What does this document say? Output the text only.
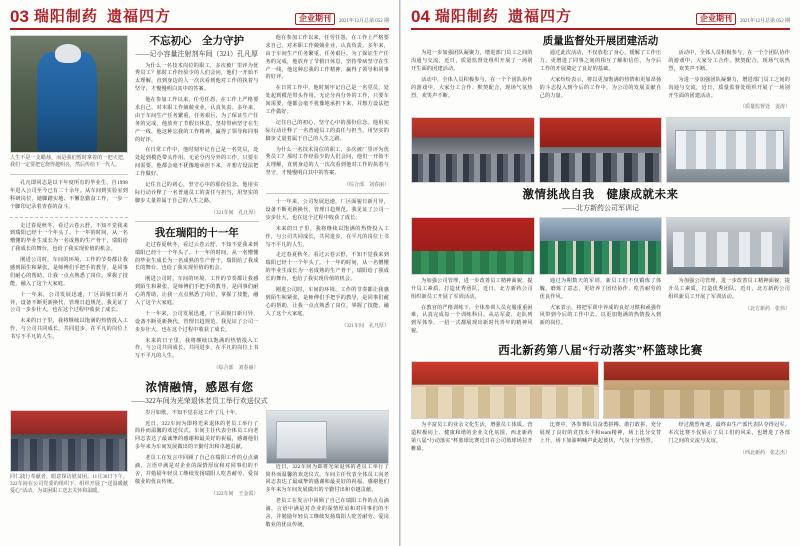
03 瑞阳制药 遗福四方	企业期刊	2021年12月总第 052 期

人生不是一支蜡烛，而是我们暂时拿着的一把火把，我们一定要把它烧得越明亮，然后传给下一代人。

孔凡即同志是以下年度所有的毕业生，自1998年进入公司至今已有二十余年。从车间到实验室到科研岗位，她脚踏实地、不懈怠勤奋工作，一步一个脚印记录着青春的奋斗。

走过春夏秋冬，看过云卷云舒，不知不觉我来到瑞阳已经十一个年头了。十一年的时间，从一名懵懂的毕业生成长为一名成熟的生产骨干，瑞阳给了我成长的舞台，也给了我实现价值的机会。

刚进公司时，车间的环境、工作的节奏都让我感到陌生和紧张，是师傅们手把手的教导，是同事们耐心的帮助，让我一点点熟悉了岗位，掌握了技能，融入了这个大家庭。

十一年来，公司发展迅速，厂区面貌日新月异，设备不断更新换代，管理日趋规范。我见证了公司一步步壮大，也在这个过程中收获了成长。

未来的日子里，我将继续以饱满的热情投入工作，与公司共同成长，共同进步，在平凡的岗位上书写不平凡的人生。

不忘初心　全力守护
——记小容量注射剂车间（321）孔凡厚

为什么一名技术岗位的职工，多次被厂里评为优秀员工？那时工作经验少的人们会问，他们一开始不太理解，直到身边的人一次次看到他对工作的执着与坚守，才慢慢明白其中的答案。

他在参加工作以来，任劳任怨，在工作上严格要求自己，对本职工作兢兢业业，认真负责。多年来，由于车间生产任务繁重，任务艰巨，为了保证生产任务的完成，他放弃了节假日休息，坚持带病坚守在生产一线，他这种忘我的工作精神，赢得了领导和同事的好评。

在日常工作中，他时刻牢记自己是一名党员，处处起到模范带头作用。无论分内分外的工作，只要车间需要，他都会毫不犹豫地承担下来，并想方设法把工作做好。

记住自己的初心，坚守心中的那份信念。他用实际行动诠释了一名普通员工的责任与担当，用坚实的脚步丈量着属于自己的人生之路。

（321车间　孔凡厚）
我在瑞阳的十一年

走过春夏秋冬，看过云卷云舒，不知不觉我来到瑞阳已经十一个年头了。十一年的时间，从一名懵懂的毕业生成长为一名成熟的生产骨干，瑞阳给了我成长的舞台，也给了我实现价值的机会。

刚进公司时，车间的环境、工作的节奏都让我感到陌生和紧张，是师傅们手把手的教导，是同事们耐心的帮助，让我一点点熟悉了岗位，掌握了技能，融入了这个大家庭。

十一年来，公司发展迅速，厂区面貌日新月异，设备不断更新换代，管理日趋规范。我见证了公司一步步壮大，也在这个过程中收获了成长。

未来的日子里，我将继续以饱满的热情投入工作，与公司共同成长，共同进步，在平凡的岗位上书写不平凡的人生。

（综合部　刘春丽）

他在参加工作以来，任劳任怨，在工作上严格要求自己，对本职工作兢兢业业，认真负责。多年来，由于车间生产任务繁重，任务艰巨，为了保证生产任务的完成，他放弃了节假日休息，坚持带病坚守在生产一线，他这种忘我的工作精神，赢得了领导和同事的好评。

在日常工作中，他时刻牢记自己是一名党员，处处起到模范带头作用。无论分内分外的工作，只要车间需要，他都会毫不犹豫地承担下来，并想方设法把工作做好。

记住自己的初心，坚守心中的那份信念。他用实际行动诠释了一名普通员工的责任与担当，用坚实的脚步丈量着属于自己的人生之路。

为什么一名技术岗位的职工，多次被厂里评为优秀员工？那时工作经验少的人们会问，他们一开始不太理解，直到身边的人一次次看到他对工作的执着与坚守，才慢慢明白其中的答案。

（综合部　刘春丽）

十一年来，公司发展迅速，厂区面貌日新月异，设备不断更新换代，管理日趋规范。我见证了公司一步步壮大，也在这个过程中收获了成长。

未来的日子里，我将继续以饱满的热情投入工作，与公司共同成长，共同进步，在平凡的岗位上书写不平凡的人生。

走过春夏秋冬，看过云卷云舒，不知不觉我来到瑞阳已经十一个年头了。十一年的时间，从一名懵懂的毕业生成长为一名成熟的生产骨干，瑞阳给了我成长的舞台，也给了我实现价值的机会。

刚进公司时，车间的环境、工作的节奏都让我感到陌生和紧张，是师傅们手把手的教导，是同事们耐心的帮助，让我一点点熟悉了岗位，掌握了技能，融入了这个大家庭。

（321车间　孔凡厚）
浓情融情，感恩有您
——322车间为光荣退休老员工举行欢送仪式

同仁践行奉献者，眼意探访慰贫困。11月30日下午，322车间在公司党委的组织下，组织开展了“送温暖献爱心”活动，为贫困职工送去关怀和温暖。

岁月如歌，不知不觉在这工作了几十年。

近日，322车间为即将光荣退休的老员工举行了简朴而温馨的欢送仪式。车间主任代表全体员工向老同志表达了最诚挚的感谢和最美好的祝福，感谢他们多年来为车间发展做出的辛勤付出和卓越贡献。

老员工在发言中回顾了自己在瑞阳工作的点点滴滴，言语中满是对企业的深情厚谊和对同事们的不舍，并勉励年轻员工继续发扬瑞阳人吃苦耐劳、爱岗敬业的优良传统。

（322车间　王金霞）

近日，322车间为即将光荣退休的老员工举行了简朴而温馨的欢送仪式。车间主任代表全体员工向老同志表达了最诚挚的感谢和最美好的祝福，感谢他们多年来为车间发展做出的辛勤付出和卓越贡献。

老员工在发言中回顾了自己在瑞阳工作的点点滴滴，言语中满是对企业的深情厚谊和对同事们的不舍，并勉励年轻员工继续发扬瑞阳人吃苦耐劳、爱岗敬业的优良传统。

04 瑞阳制药 遗福四方	企业期刊	2021年12月总第 052 期
质量监督处开展团建活动

为进一步加强团队凝聚力，增进部门员工之间的沟通与交流，近日，质量监督处组织开展了一场别开生面的团建活动。

活动中，全体人员积极参与，在一个个团队协作的游戏中，大家分工合作、默契配合，现场气氛热烈，欢笑声不断。

通过此次活动，不仅放松了身心，缓解了工作压力，更增进了同事之间的相互了解和信任，为今后工作的开展奠定了良好的基础。

大家纷纷表示，将以更加饱满的热情和更加昂扬的斗志投入到今后的工作中，为公司的发展贡献自己的力量。

活动中，全体人员积极参与，在一个个团队协作的游戏中，大家分工合作、默契配合，现场气氛热烈，欢笑声不断。

为进一步加强团队凝聚力，增进部门员工之间的沟通与交流，近日，质量监督处组织开展了一场别开生面的团建活动。

（质量监督处　姜涛）
激情挑战自我　健康成就未来
——北方新药公司军训记

为加强公司管理，进一步改善员工精神面貌，提升员工素质，打造优秀团队，近日，北方新药公司组织新员工开展了军训活动。

在教官的严格训练下，全体参训人员克服重重困难，认真完成每一个训练科目。从站军姿、走队列到军体拳，一招一式都展现出新时代青年的精神风貌。

通过为期数天的军训，新员工们不仅锻炼了体魄，磨炼了意志，更培养了团结协作、吃苦耐劳的优良作风。

大家表示，将把军训中养成的良好习惯和顽强作风带到今后的工作中去，以更加饱满的热情投入到新的岗位。

为加强公司管理，进一步改善员工精神面貌，提升员工素质，打造优秀团队，近日，北方新药公司组织新员工开展了军训活动。

（北方新药　张伟）
西北新药第八届“行动落实”杯篮球比赛

为丰富员工的业余文化生活，增强员工体质，营造积极向上、健康和谐的企业文化氛围，西北新药第八届“行动落实”杯篮球比赛近日在公司篮球场拉开帷幕。

比赛中，各参赛队员奋勇拼搏、敢打敢拼，充分展现了良好的竞技水平和team精神，场上比分交替上升，场下加油呐喊声此起彼伏，气氛十分热烈。

经过激烈角逐，最终由生产部代表队夺得冠军。本次比赛不仅展示了员工们的风采，也增进了各部门之间的交流与友谊。

（西北新药　张志杰）
